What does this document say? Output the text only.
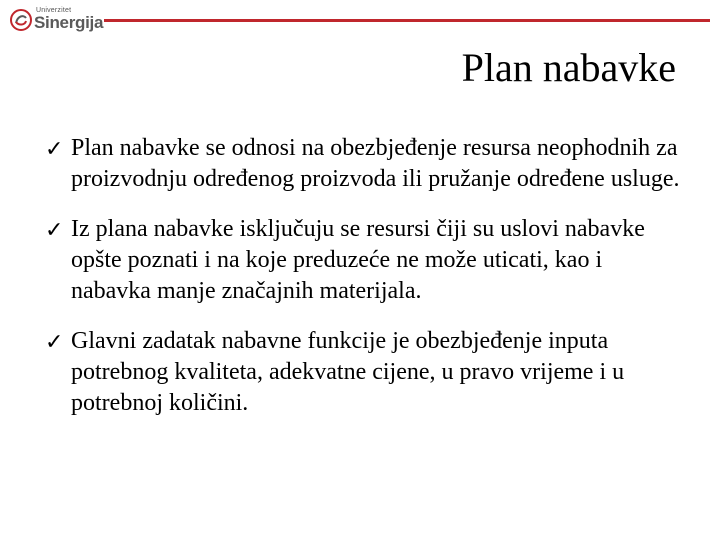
Univerzitet
Sinergija
Plan nabavke
✓ Plan nabavke se odnosi na obezbjeđenje resursa neophodnih za proizvodnju određenog proizvoda ili pružanje određene usluge.
✓ Iz plana nabavke isključuju se resursi čiji su uslovi nabavke opšte poznati i na koje preduzeće ne može uticati, kao i nabavka manje značajnih materijala.
✓ Glavni zadatak nabavne funkcije je obezbjeđenje inputa potrebnog kvaliteta, adekvatne cijene, u pravo vrijeme i u potrebnoj količini.
